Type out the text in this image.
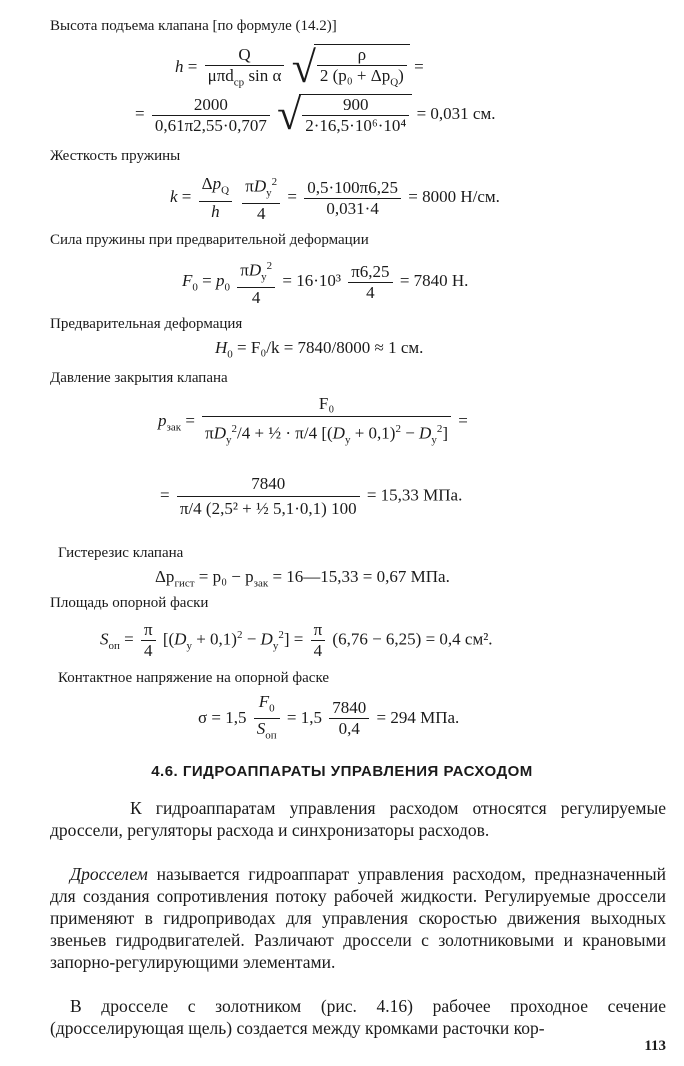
Высота подъема клапана [по формуле (14.2)]
$h = \frac{Q}{\mu\pi d_{ср} \sin \alpha}$ √ $\frac{\rho}{2 (p_0 + \Delta p_Q)}$ =
= $\frac{2000}{0,61\pi 2,55\cdot 0,707}$ √ $\frac{900}{\text{2·16,5·10⁶·10⁴}} = 0,031$ см.
Жесткость пружины
$k = \frac{\Delta p_Q}{h}$
$\frac{\pi D_y^2}{4} = \frac{0,5\cdot 100\pi 6,25}{0,031\cdot 4} = 8000$ Н/см.
Сила пружины при предварительной деформации
$F_0 = p_0 \frac{\pi D_y^2}{4} = 16\cdot 10^3 \frac{\pi 6,25}{4} = 7840$ Н.
Предварительная деформация
$H_0 = F_0/k = 7840/8000 \approx 1$ см.
Давление закрытия клапана
$p_{зак} = \frac{\text{F₀}}{\pi D_y^2/4 + \frac{1}{2} \cdot \pi/4 [(D_y + 0,1)^2 - D_y^2]}$ =
= $\frac{7840}{\text{π/4 (2,5² + ½ 5,1·0,1) 100}} = 15,33$ МПа.
Гистерезис клапана
$\Delta p_{гист} = p_0 - p_{зак}$ = 16—15,33 = 0,67 МПа.
Площадь опорной фаски
$S_{оп} = \frac{\pi}{4} [(D_y + 0,1)^2 - D_y^2] = \frac{\pi}{4} (6,76 - 6,25) = 0,4$ см².
Контактное напряжение на опорной фаске
$\sigma = 1,5 \frac{F_0}{S_{оп}} = 1,5 \frac{7840}{0,4} = 294$ МПа.
4.6. ГИДРОАППАРАТЫ УПРАВЛЕНИЯ РАСХОДОМ
К гидроаппаратам управления расходом относятся регулируемые дроссели, регуляторы расхода и синхронизаторы расходов.
Дросселем называется гидроаппарат управления расходом, предназначенный для создания сопротивления потоку рабочей жидкости. Регулируемые дроссели применяют в гидроприводах для управления скоростью движения выходных звеньев гидродвигателей. Различают дроссели с золотниковыми и крановыми запорно-регулирующими элементами.
В дросселе с золотником (рис. 4.16) рабочее проходное сечение (дросселирующая щель) создается между кромками расточки кор-
113
